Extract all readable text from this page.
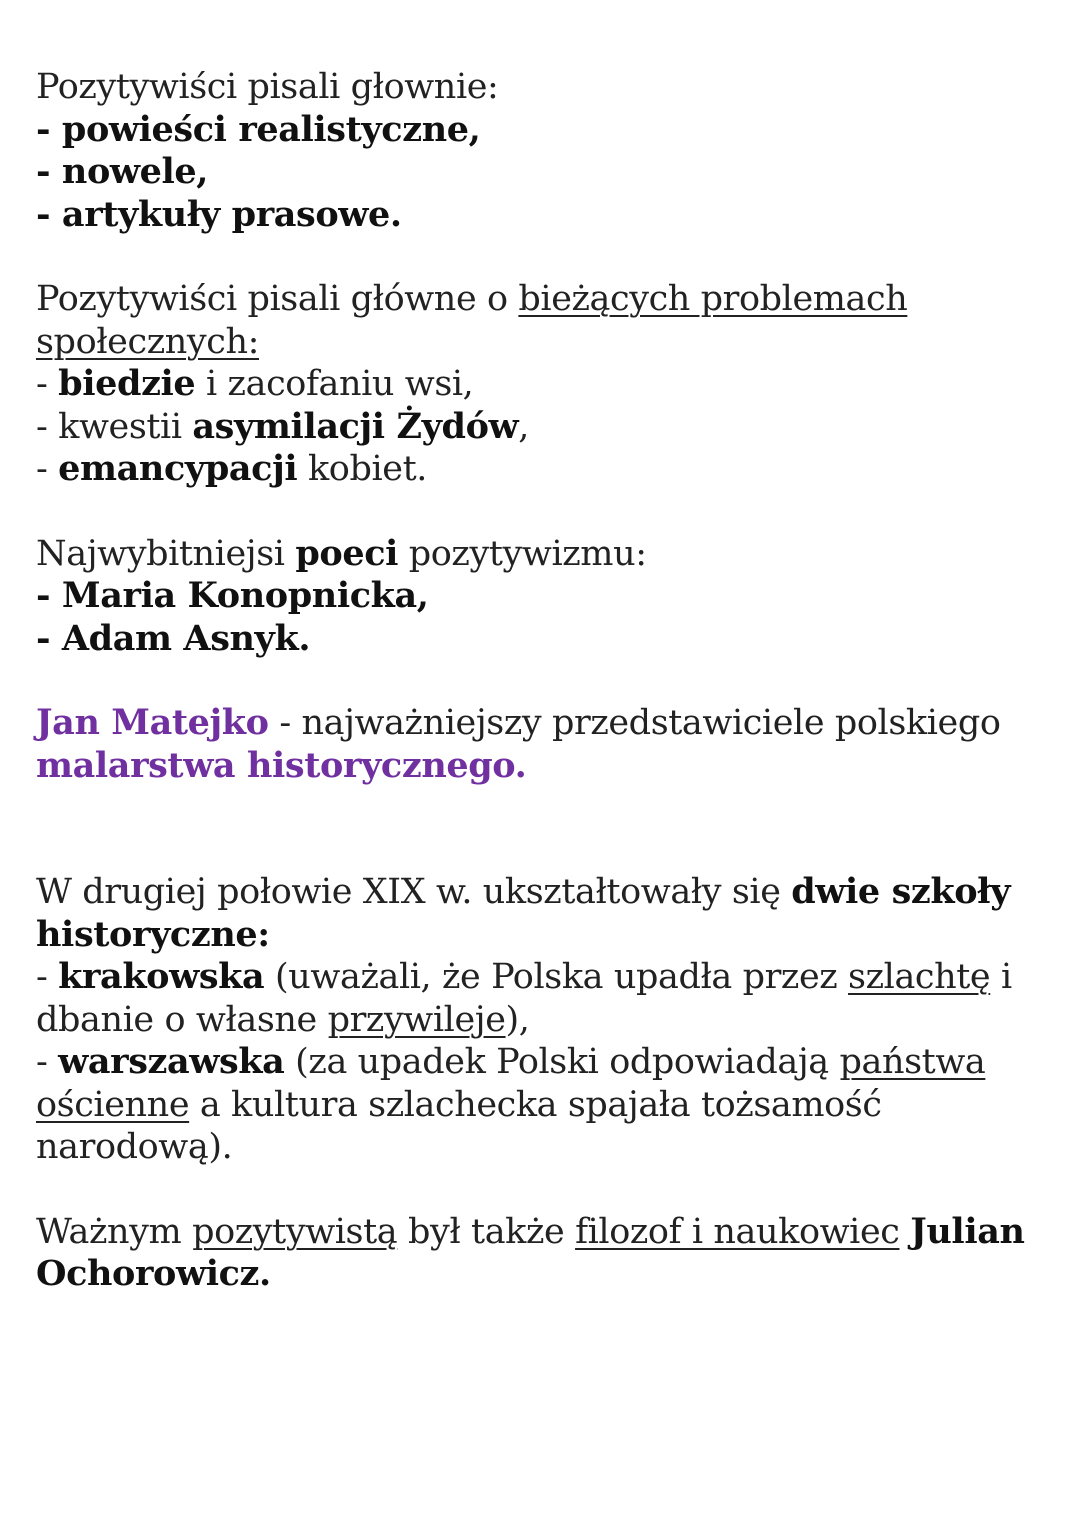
Pozytywiści pisali głownie:
- powieści realistyczne,
- nowele,
- artykuły prasowe.
Pozytywiści pisali główne o bieżących problemach
społecznych:
- biedzie i zacofaniu wsi,
- kwestii asymilacji Żydów,
- emancypacji kobiet.
Najwybitniejsi poeci pozytywizmu:
- Maria Konopnicka,
- Adam Asnyk.
Jan Matejko - najważniejszy przedstawiciele polskiego
malarstwa historycznego.
W drugiej połowie XIX w. ukształtowały się dwie szkoły
historyczne:
- krakowska (uważali, że Polska upadła przez szlachtę i
dbanie o własne przywileje),
- warszawska (za upadek Polski odpowiadają państwa
ościenne a kultura szlachecka spajała tożsamość
narodową).
Ważnym pozytywistą był także filozof i naukowiec Julian
Ochorowicz.
